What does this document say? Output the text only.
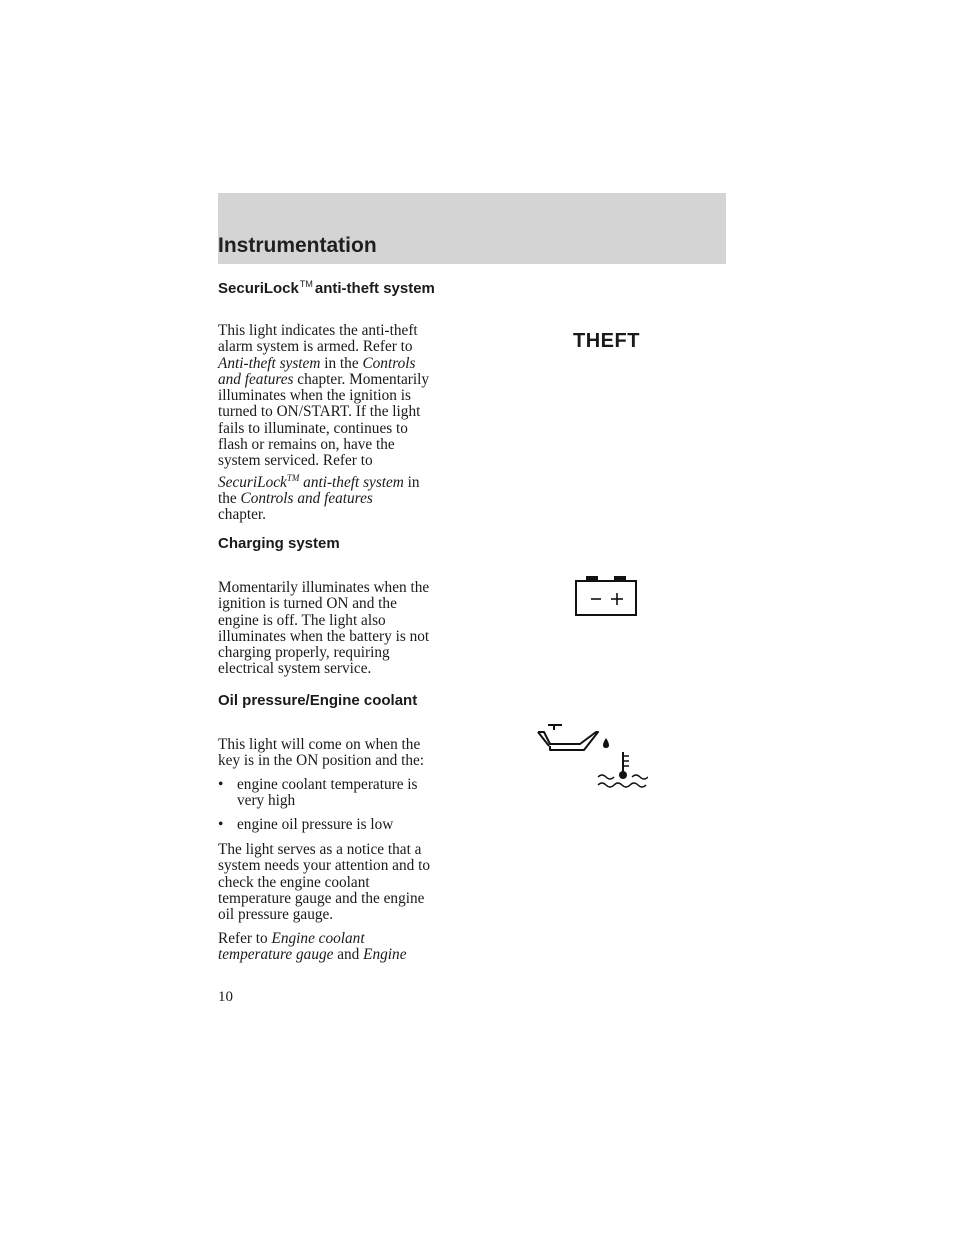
Instrumentation
SecuriLock™ anti-theft system
This light indicates the anti-theft
alarm system is armed. Refer to
Anti-theft system in the Controls
and features chapter. Momentarily
illuminates when the ignition is
turned to ON/START. If the light
fails to illuminate, continues to
flash or remains on, have the
system serviced. Refer to
SecuriLock™ anti-theft system in
the Controls and features
chapter.
THEFT
Charging system
Momentarily illuminates when the
ignition is turned ON and the
engine is off. The light also
illuminates when the battery is not
charging properly, requiring
electrical system service.
Oil pressure/Engine coolant
This light will come on when the
key is in the ON position and the:
• engine coolant temperature is
very high
• engine oil pressure is low
The light serves as a notice that a
system needs your attention and to
check the engine coolant
temperature gauge and the engine
oil pressure gauge.
Refer to Engine coolant
temperature gauge and Engine
10
